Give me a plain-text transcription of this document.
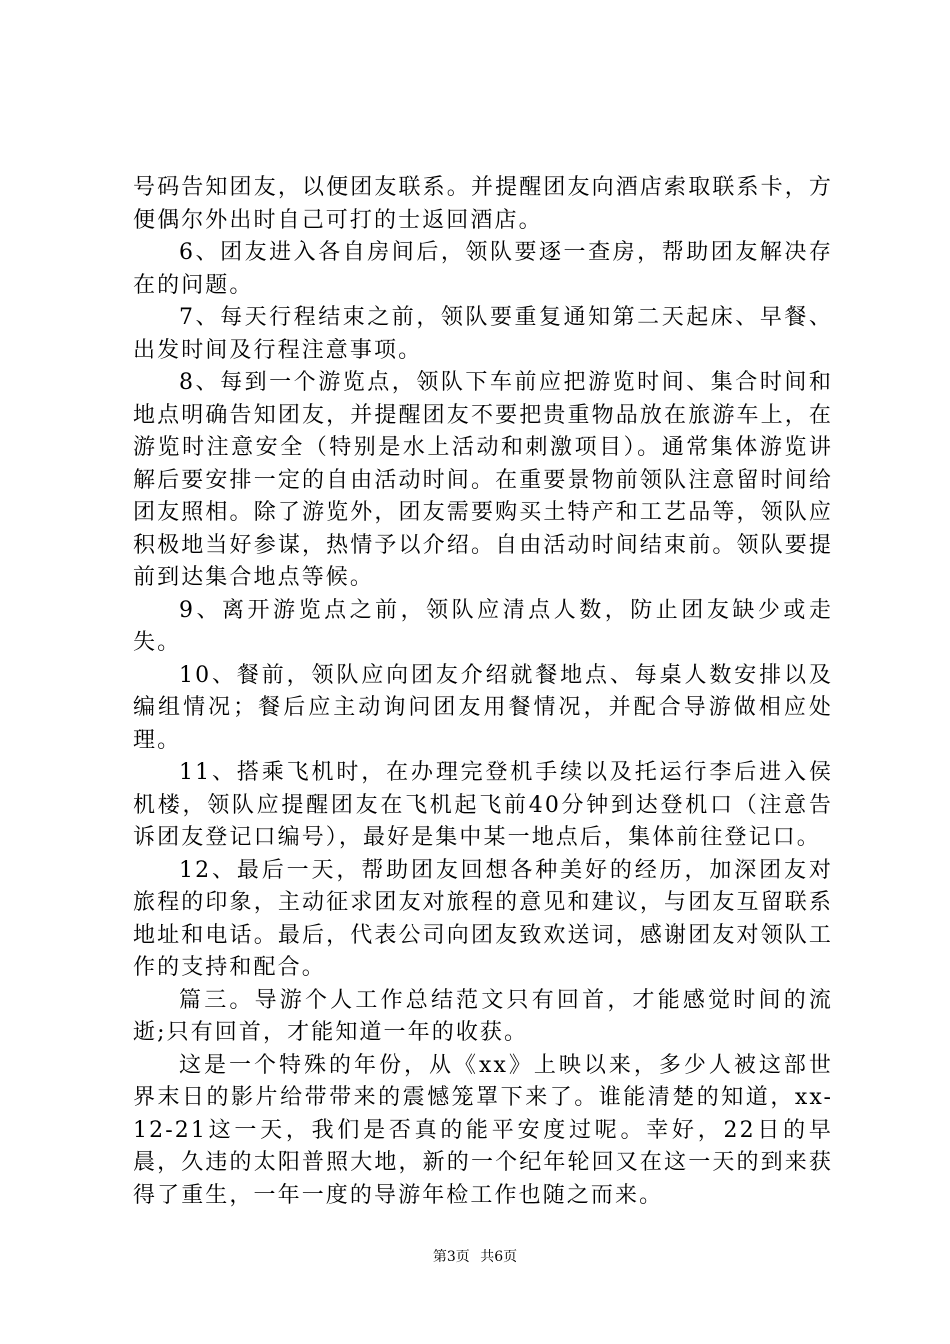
号码告知团友，以便团友联系。并提醒团友向酒店索取联系卡，方便偶尔外出时自己可打的士返回酒店。

6、团友进入各自房间后，领队要逐一查房，帮助团友解决存在的问题。

7、每天行程结束之前，领队要重复通知第二天起床、早餐、出发时间及行程注意事项。

8、每到一个游览点，领队下车前应把游览时间、集合时间和地点明确告知团友，并提醒团友不要把贵重物品放在旅游车上，在游览时注意安全（特别是水上活动和刺激项目）。通常集体游览讲解后要安排一定的自由活动时间。在重要景物前领队注意留时间给团友照相。除了游览外，团友需要购买土特产和工艺品等，领队应积极地当好参谋，热情予以介绍。自由活动时间结束前。领队要提前到达集合地点等候。

9、离开游览点之前，领队应清点人数，防止团友缺少或走失。

10、餐前，领队应向团友介绍就餐地点、每桌人数安排以及编组情况；餐后应主动询问团友用餐情况，并配合导游做相应处理。

11、搭乘飞机时，在办理完登机手续以及托运行李后进入侯机楼，领队应提醒团友在飞机起飞前40分钟到达登机口（注意告诉团友登记口编号），最好是集中某一地点后，集体前往登记口。

12、最后一天，帮助团友回想各种美好的经历，加深团友对旅程的印象，主动征求团友对旅程的意见和建议，与团友互留联系地址和电话。最后，代表公司向团友致欢送词，感谢团友对领队工作的支持和配合。

篇三。导游个人工作总结范文只有回首，才能感觉时间的流逝;只有回首，才能知道一年的收获。

这是一个特殊的年份，从《xx》上映以来，多少人被这部世界末日的影片给带带来的震憾笼罩下来了。谁能清楚的知道，xx-12-21这一天，我们是否真的能平安度过呢。幸好，22日的早晨，久违的太阳普照大地，新的一个纪年轮回又在这一天的到来获得了重生，一年一度的导游年检工作也随之而来。

第3页 共6页
